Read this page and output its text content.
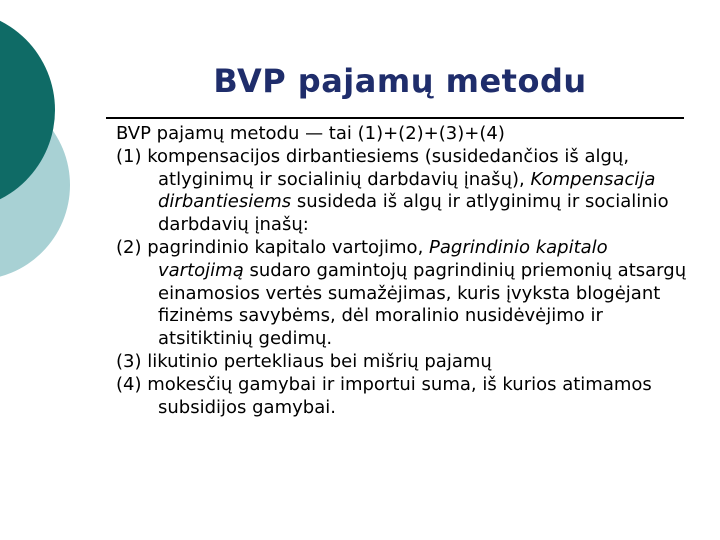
BVP pajamų metodu

BVP pajamų metodu — tai (1)+(2)+(3)+(4)

(1) kompensacijos dirbantiesiems (susidedančios iš algų, atlyginimų ir socialinių darbdavių įnašų), Kompensacija dirbantiesiems susideda iš algų ir atlyginimų ir socialinio darbdavių įnašų:

(2) pagrindinio kapitalo vartojimo, Pagrindinio kapitalo vartojimą sudaro gamintojų pagrindinių priemonių atsargų einamosios vertės sumažėjimas, kuris įvyksta blogėjant fizinėms savybėms, dėl moralinio nusidėvėjimo ir atsitiktinių gedimų.

(3) likutinio pertekliaus bei mišrių pajamų

(4) mokesčių gamybai ir importui suma, iš kurios atimamos subsidijos gamybai.
